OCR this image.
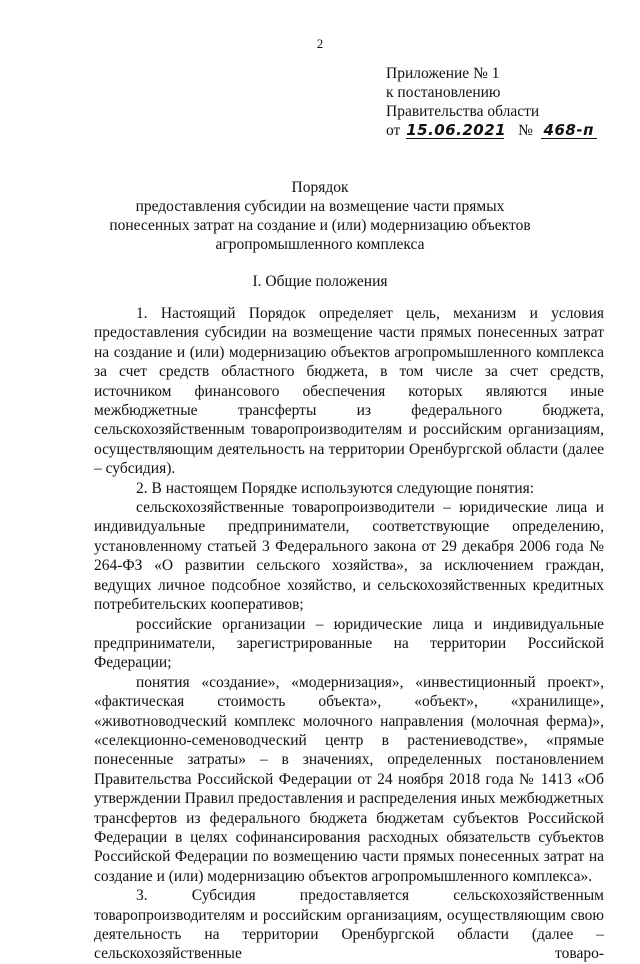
2
Приложение № 1
к постановлению
Правительства области
от 15.06.2021 № 468-п
Порядок
предоставления субсидии на возмещение части прямых
понесенных затрат на создание и (или) модернизацию объектов
агропромышленного комплекса
I. Общие положения

1. Настоящий Порядок определяет цель, механизм и условия предоставления субсидии на возмещение части прямых понесенных затрат на создание и (или) модернизацию объектов агропромышленного комплекса за счет средств областного бюджета, в том числе за счет средств, источником финансового обеспечения которых являются иные межбюджетные трансферты из федерального бюджета, сельскохозяйственным товаропроизводителям и российским организациям, осуществляющим деятельность на территории Оренбургской области (далее – субсидия).

2. В настоящем Порядке используются следующие понятия:

сельскохозяйственные товаропроизводители – юридические лица и индивидуальные предприниматели, соответствующие определению, установленному статьей 3 Федерального закона от 29 декабря 2006 года № 264-ФЗ «О развитии сельского хозяйства», за исключением граждан, ведущих личное подсобное хозяйство, и сельскохозяйственных кредитных потребительских кооперативов;

российские организации – юридические лица и индивидуальные предприниматели, зарегистрированные на территории Российской Федерации;

понятия «создание», «модернизация», «инвестиционный проект», «фактическая стоимость объекта», «объект», «хранилище», «животноводческий комплекс молочного направления (молочная ферма)», «селекционно-семеноводческий центр в растениеводстве», «прямые понесенные затраты» – в значениях, определенных постановлением Правительства Российской Федерации от 24 ноября 2018 года № 1413 «Об утверждении Правил предоставления и распределения иных межбюджетных трансфертов из федерального бюджета бюджетам субъектов Российской Федерации в целях софинансирования расходных обязательств субъектов Российской Федерации по возмещению части прямых понесенных затрат на создание и (или) модернизацию объектов агропромышленного комплекса».

3. Субсидия предоставляется сельскохозяйственным товаропроизводителям и российским организациям, осуществляющим свою деятельность на территории Оренбургской области (далее – сельскохозяйственные товаро-
